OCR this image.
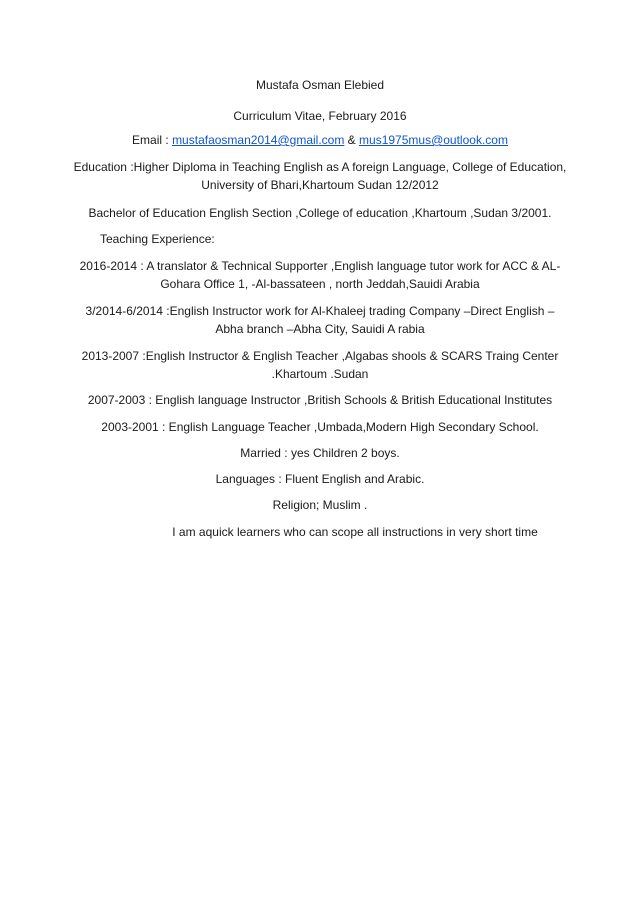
Mustafa Osman Elebied
Curriculum Vitae, February 2016
Email : mustafaosman2014@gmail.com & mus1975mus@outlook.com
Education :Higher Diploma in Teaching English as A foreign Language, College of Education,
University of Bhari,Khartoum Sudan 12/2012
Bachelor of Education English Section ,College of education ,Khartoum ,Sudan 3/2001.
Teaching Experience:
2016-2014 : A translator & Technical Supporter ,English language tutor work for ACC & AL-
Gohara Office 1, -Al-bassateen , north Jeddah,Sauidi Arabia
3/2014-6/2014 :English Instructor work for Al-Khaleej trading Company –Direct English –
Abha branch –Abha City, Sauidi A rabia
2013-2007 :English Instructor & English Teacher ,Algabas shools & SCARS Traing Center
.Khartoum .Sudan
2007-2003 : English language Instructor ,British Schools & British Educational Institutes
2003-2001 : English Language Teacher ,Umbada,Modern High Secondary School.
Married : yes Children 2 boys.
Languages : Fluent English and Arabic.
Religion; Muslim .
I am aquick learners who can scope all instructions in very short time
